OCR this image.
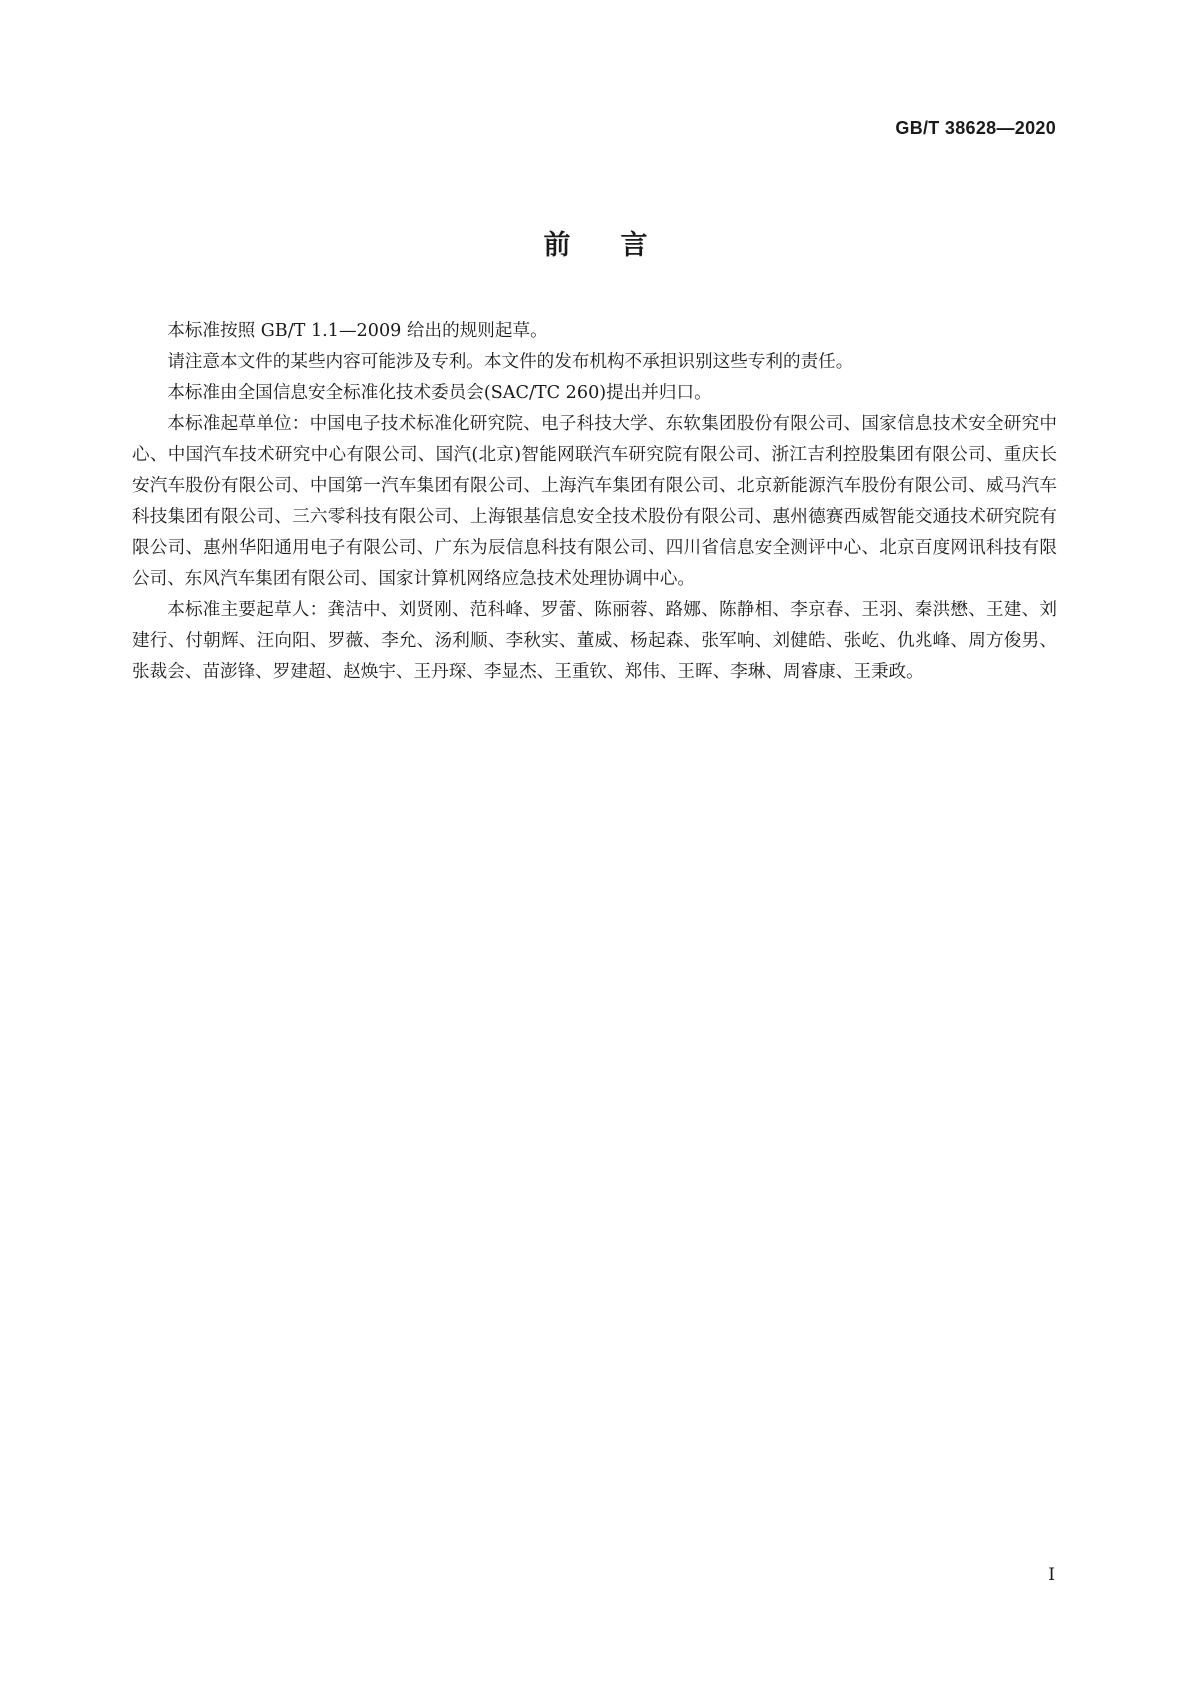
GB/T 38628—2020
前言

本标准按照 GB/T 1.1—2009 给出的规则起草。

请注意本文件的某些内容可能涉及专利。本文件的发布机构不承担识别这些专利的责任。

本标准由全国信息安全标准化技术委员会(SAC/TC 260)提出并归口。

本标准起草单位：中国电子技术标准化研究院、电子科技大学、东软集团股份有限公司、国家信息技术安全研究中心、中国汽车技术研究中心有限公司、国汽(北京)智能网联汽车研究院有限公司、浙江吉利控股集团有限公司、重庆长安汽车股份有限公司、中国第一汽车集团有限公司、上海汽车集团有限公司、北京新能源汽车股份有限公司、威马汽车科技集团有限公司、三六零科技有限公司、上海银基信息安全技术股份有限公司、惠州德赛西威智能交通技术研究院有限公司、惠州华阳通用电子有限公司、广东为辰信息科技有限公司、四川省信息安全测评中心、北京百度网讯科技有限公司、东风汽车集团有限公司、国家计算机网络应急技术处理协调中心。

本标准主要起草人：龚洁中、刘贤刚、范科峰、罗蕾、陈丽蓉、路娜、陈静相、李京春、王羽、秦洪懋、王建、刘建行、付朝辉、汪向阳、罗薇、李允、汤利顺、李秋实、董威、杨起森、张军响、刘健皓、张屹、仇兆峰、周方俊男、张裁会、苗澎锋、罗建超、赵焕宇、王丹琛、李显杰、王重钦、郑伟、王晖、李琳、周睿康、王秉政。

I
